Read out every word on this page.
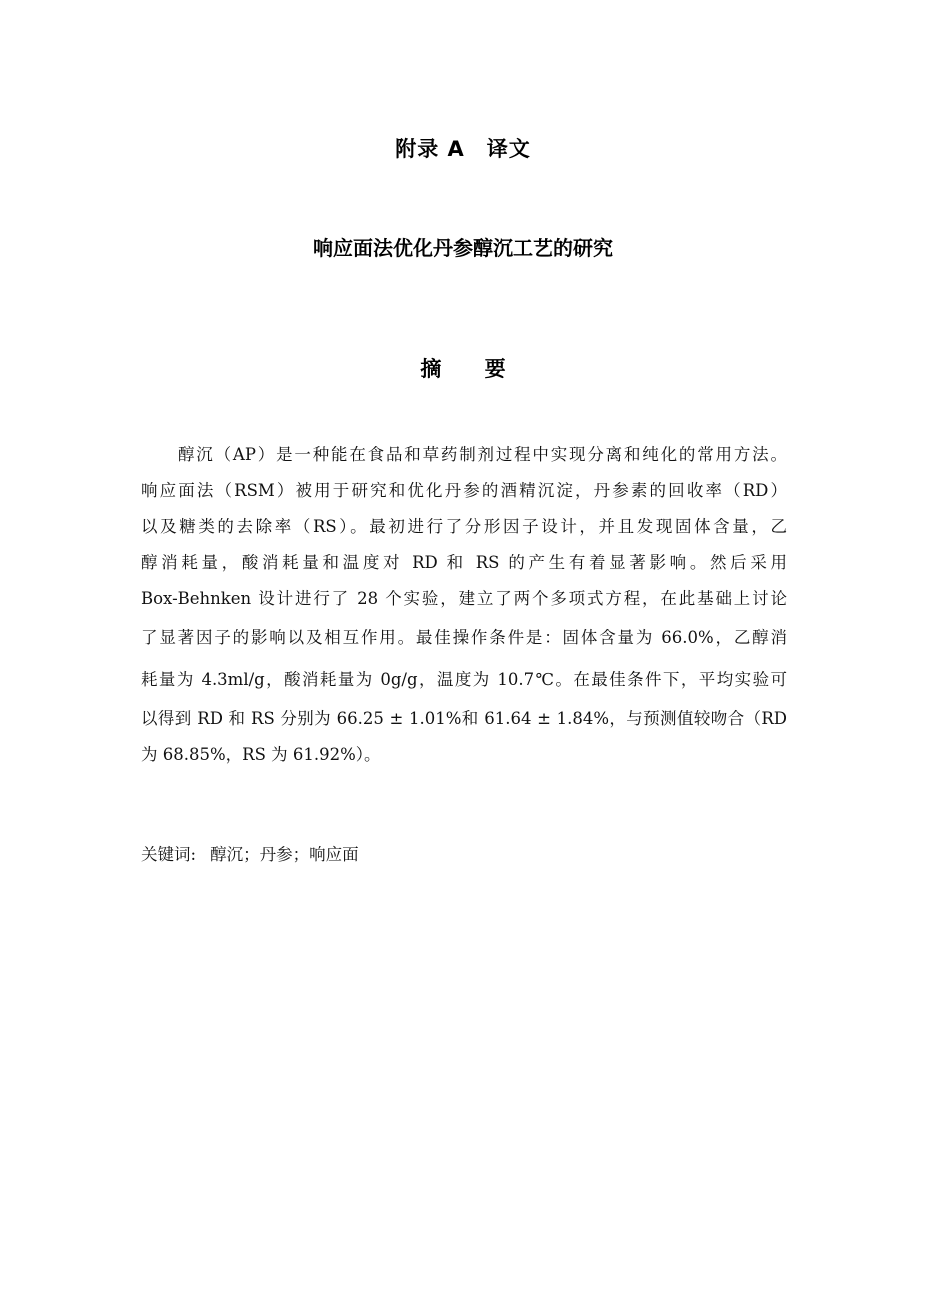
附录 A　译文
响应面法优化丹参醇沉工艺的研究
摘 要
醇沉（AP）是一种能在食品和草药制剂过程中实现分离和纯化的常用方法。
响应面法（RSM）被用于研究和优化丹参的酒精沉淀，丹参素的回收率（RD）
以及糖类的去除率（RS）。最初进行了分形因子设计，并且发现固体含量，乙
醇消耗量，酸消耗量和温度对 RD 和 RS 的产生有着显著影响。然后采用
Box-Behnken 设计进行了 28 个实验，建立了两个多项式方程，在此基础上讨论
了显著因子的影响以及相互作用。最佳操作条件是：固体含量为 66.0%，乙醇消
耗量为 4.3ml/g，酸消耗量为 0g/g，温度为 10.7℃。在最佳条件下，平均实验可
以得到 RD 和 RS 分别为 66.25 ± 1.01%和 61.64 ± 1.84%，与预测值较吻合（RD
为 68.85%，RS 为 61.92%）。
关键词: 醇沉；丹参；响应面
